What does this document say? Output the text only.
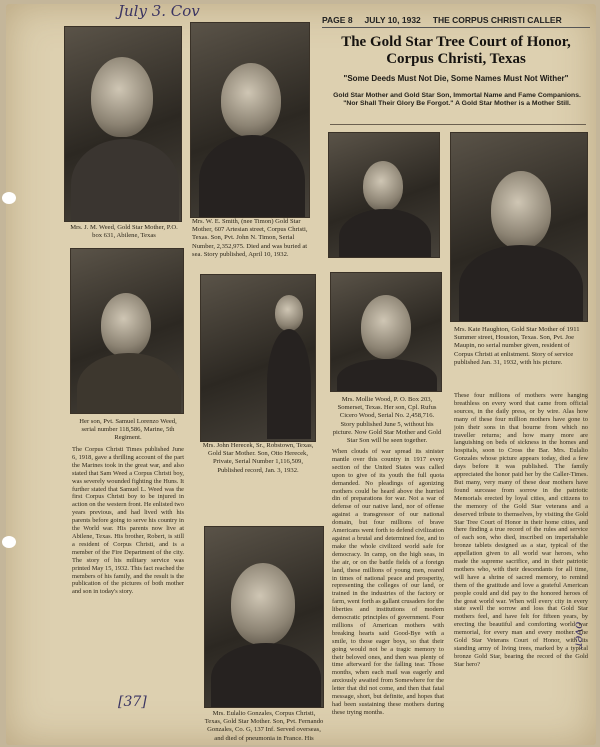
July 3. Cov
[37]
over
PAGE 8 JULY 10, 1932 THE CORPUS CHRISTI CALLER
The Gold Star Tree Court of Honor, Corpus Christi, Texas
"Some Deeds Must Not Die, Some Names Must Not Wither"
Gold Star Mother and Gold Star Son, Immortal Name and Fame Companions. "Nor Shall Their Glory Be Forgot." A Gold Star Mother is a Mother Still.
Mrs. J. M. Weed, Gold Star Mother, P.O. box 631, Abilene, Texas
Mrs. W. E. Smith, (nee Timon) Gold Star Mother, 607 Artesian street, Corpus Christi, Texas. Son, Pvt. John N. Timon, Serial Number, 2,352,975. Died and was buried at sea. Story published, April 10, 1932.
Her son, Pvt. Samuel Lorenzo Weed, serial number 118,586, Marine, 5th Regiment.
Mrs. John Herecek, Sr., Robstown, Texas, Gold Star Mother. Son, Otto Herecek, Private, Serial Number 1,116,509, Published record, Jan. 3, 1932.
Mrs. Mollie Wood, P. O. Box 203, Somerset, Texas. Her son, Cpl. Rufus Cicero Wood, Serial No. 2,458,716. Story published June 5, without his picture. Now Gold Star Mother and Gold Star Son will be seen together.
Mrs. Kate Haughton, Gold Star Mother of 1911 Summer street, Houston, Texas. Son, Pvt. Joe Maupin, no serial number given, resident of Corpus Christi at enlistment. Story of service published Jan. 31, 1932, with his picture.
Mrs. Eulalio Gonzales, Corpus Christi, Texas, Gold Star Mother. Son, Pvt. Fernando Gonzales, Co. G, 137 Inf. Served overseas, and died of pneumonia in France. His
The Corpus Christi Times published June 6, 1918, gave a thrilling account of the part the Marines took in the great war, and also stated that Sam Weed a Corpus Christi boy, was severely wounded fighting the Huns. It further stated that Samuel L. Weed was the first Corpus Christi boy to be injured in action on the western front. He enlisted two years previous, and had lived with his parents before going to serve his country in the World war. His parents now live at Abilene, Texas. His brother, Robert, is still a resident of Corpus Christi, and is a member of the Fire Department of the city. The story of his military service was printed May 15, 1932. This fact reached the members of his family, and the result is the publication of the pictures of both mother and son in today's story.
When clouds of war spread its sinister mantle over this country in 1917 every section of the United States was called upon to give of its youth the full quota demanded. No pleadings of agonizing mothers could be heard above the hurried din of preparations for war. Not a war of defense of our native land, nor of offense against a transgressor of our national domain, but four millions of brave Americans went forth to defend civilization against a brutal and determined foe, and to make the whole civilized world safe for democracy. In camp, on the high seas, in the air, or on the battle fields of a foreign land, these millions of young men, reared in times of national peace and prosperity, representing the colleges of our land, or trained in the industries of the factory or farm, went forth as gallant crusaders for the liberties and institutions of modern democratic principles of government. Four millions of American mothers with breaking hearts said Good-Bye with a smile, to those eager boys, so that their going would not be a tragic memory to their beloved ones, and then was plenty of time afterward for the falling tear. Those months, when each mail was eagerly and anxiously awaited from Somewhere for the letter that did not come, and then that fatal message, short, but definite, and hopes that had been sustaining these mothers during these trying months.
These four millions of mothers were hanging breathless on every word that came from official sources, in the daily press, or by wire. Alas how many of these four million mothers have gone to join their sons in that bourne from which no traveller returns; and how many more are languishing on beds of sickness in the homes and hospitals, soon to Cross the Bar. Mrs. Eulalio Gonzales whose picture appears today, died a few days before it was published. The family appreciated the honor paid her by the Caller-Times. But many, very many of these dear mothers have found surcease from sorrow in the patriotic Memorials erected by loyal cities, and citizens to the memory of the Gold Star veterans and a deserved tribute to themselves, by visiting the Gold Star Tree Court of Honor in their home cities, and there finding a true record of the rules and service of each son, who died, inscribed on imperishable bronze tablets designed as a star, typical of the appellation given to all world war heroes, who made the supreme sacrifice, and in their patriotic mothers who, with their descendants for all time, will have a shrine of sacred memory, to remind them of the gratitude and love a grateful American people could and did pay to the honored heroes of the great world war. When will every city in every state swell the sorrow and loss that Gold Star mothers feel, and have felt for fifteen years, by erecting the beautiful and comforting world war memorial, for every man and every mother. The Gold Star Veterans Court of Honor, with its standing army of living trees, marked by a typical bronze Gold Star, bearing the record of the Gold Star hero?
